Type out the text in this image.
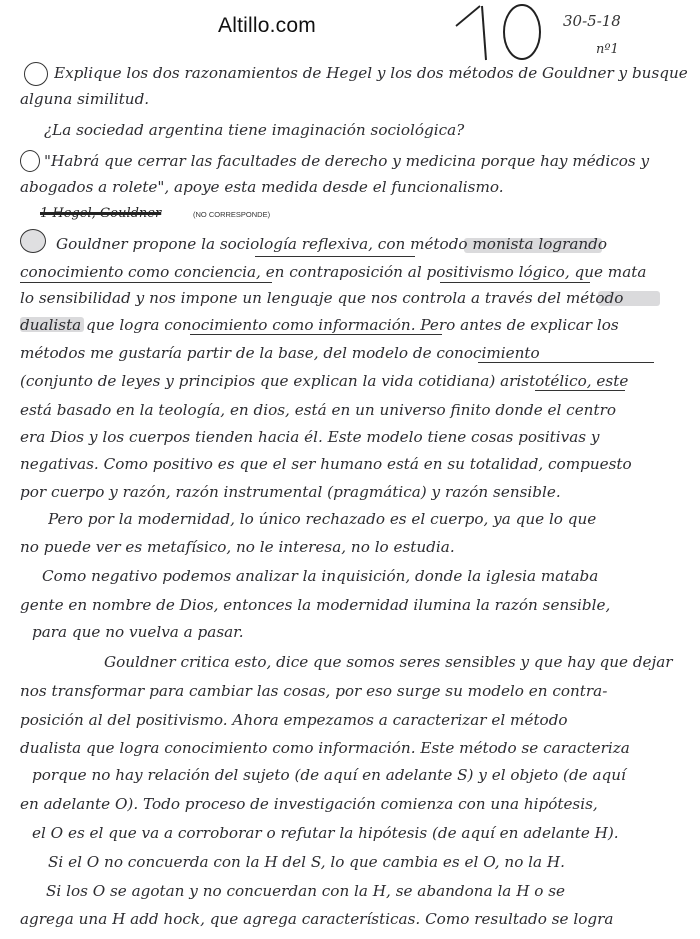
Altillo.com	30-5-18
nº1
Explique los dos razonamientos de Hegel y los dos métodos de Gouldner y busque
alguna similitud.
¿La sociedad argentina tiene imaginación sociológica?
"Habrá que cerrar las facultades de derecho y medicina porque hay médicos y
abogados a rolete", apoye esta medida desde el funcionalismo.
1 Hegel, Gouldner	(NO CORRESPONDE)
Gouldner propone la sociología reflexiva, con método monista logrando
conocimiento como conciencia, en contraposición al positivismo lógico, que mata
lo sensibilidad y nos impone un lenguaje que nos controla a través del método
dualista que logra conocimiento como información. Pero antes de explicar los
métodos me gustaría partir de la base, del modelo de conocimiento
(conjunto de leyes y principios que explican la vida cotidiana) aristotélico, este
está basado en la teología, en dios, está en un universo finito donde el centro
era Dios y los cuerpos tienden hacia él. Este modelo tiene cosas positivas y
negativas. Como positivo es que el ser humano está en su totalidad, compuesto
por cuerpo y razón, razón instrumental (pragmática) y razón sensible.
Pero por la modernidad, lo único rechazado es el cuerpo, ya que lo que
no puede ver es metafísico, no le interesa, no lo estudia.
Como negativo podemos analizar la inquisición, donde la iglesia mataba
gente en nombre de Dios, entonces la modernidad ilumina la razón sensible,
para que no vuelva a pasar.
Gouldner critica esto, dice que somos seres sensibles y que hay que dejar
nos transformar para cambiar las cosas, por eso surge su modelo en contra-
posición al del positivismo. Ahora empezamos a caracterizar el método
dualista que logra conocimiento como información. Este método se caracteriza
porque no hay relación del sujeto (de aquí en adelante S) y el objeto (de aquí
en adelante O). Todo proceso de investigación comienza con una hipótesis,
el O es el que va a corroborar o refutar la hipótesis (de aquí en adelante H).
Si el O no concuerda con la H del S, lo que cambia es el O, no la H.
Si los O se agotan y no concuerdan con la H, se abandona la H o se
agrega una H add hock, que agrega características. Como resultado se logra
